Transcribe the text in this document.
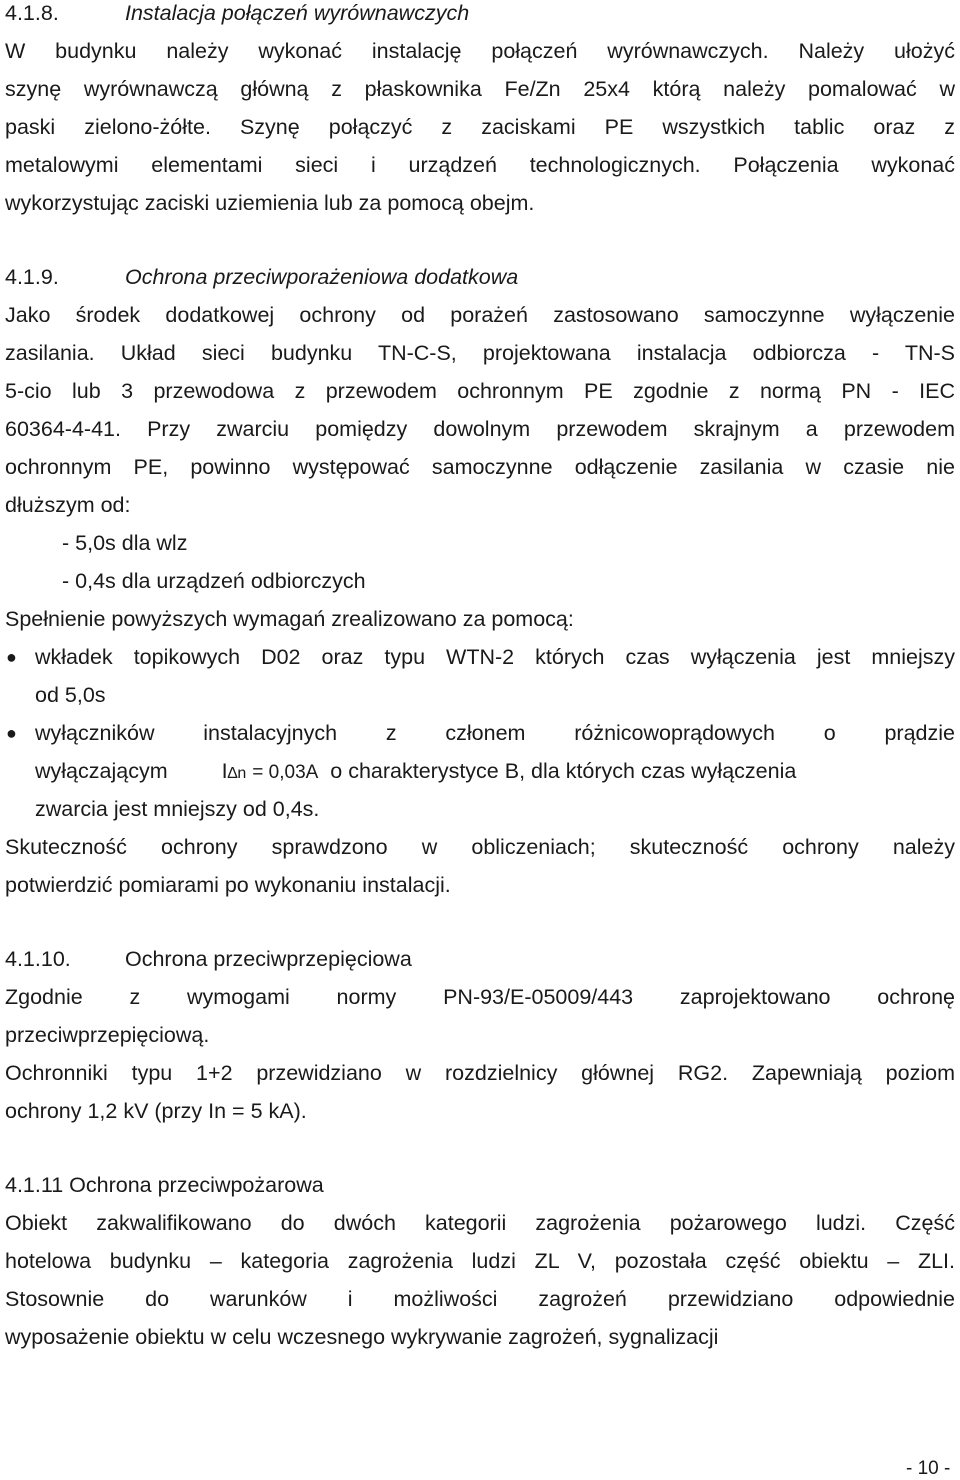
4.1.8.	Instalacja połączeń wyrównawczych
W budynku należy wykonać instalację połączeń wyrównawczych. Należy ułożyć
szynę wyrównawczą główną z płaskownika Fe/Zn 25x4 którą należy pomalować w
paski zielono-żółte. Szynę połączyć z zaciskami PE wszystkich tablic oraz z
metalowymi elementami sieci i urządzeń technologicznych. Połączenia wykonać
wykorzystując zaciski uziemienia lub za pomocą obejm.
4.1.9.	Ochrona przeciwporażeniowa dodatkowa
Jako środek dodatkowej ochrony od porażeń zastosowano samoczynne wyłączenie
zasilania. Układ sieci budynku TN-C-S, projektowana instalacja odbiorcza - TN-S
5-cio lub 3 przewodowa z przewodem ochronnym PE zgodnie z normą PN - IEC
60364-4-41. Przy zwarciu pomiędzy dowolnym przewodem skrajnym a przewodem
ochronnym PE, powinno występować samoczynne odłączenie zasilania w czasie nie
dłuższym od:
- 5,0s dla wlz
- 0,4s dla urządzeń odbiorczych
Spełnienie powyższych wymagań zrealizowano za pomocą:
● wkładek topikowych D02 oraz typu WTN-2 których czas wyłączenia jest mniejszy
od 5,0s
● wyłączników instalacyjnych z członem różnicowoprądowych o prądzie
wyłączającym	I∆n = 0,03A o charakterystyce B, dla których czas wyłączenia
zwarcia jest mniejszy od 0,4s.
Skuteczność ochrony sprawdzono w obliczeniach; skuteczność ochrony należy
potwierdzić pomiarami po wykonaniu instalacji.
4.1.10.	Ochrona przeciwprzepięciowa
Zgodnie z wymogami normy PN-93/E-05009/443 zaprojektowano ochronę
przeciwprzepięciową.
Ochronniki typu 1+2 przewidziano w rozdzielnicy głównej RG2. Zapewniają poziom
ochrony 1,2 kV (przy In = 5 kA).
4.1.11 Ochrona przeciwpożarowa
Obiekt zakwalifikowano do dwóch kategorii zagrożenia pożarowego ludzi. Część
hotelowa budynku – kategoria zagrożenia ludzi ZL V, pozostała część obiektu – ZLI.
Stosownie do warunków i możliwości zagrożeń przewidziano odpowiednie
wyposażenie obiektu w celu wczesnego wykrywanie zagrożeń, sygnalizacji
- 10 -
